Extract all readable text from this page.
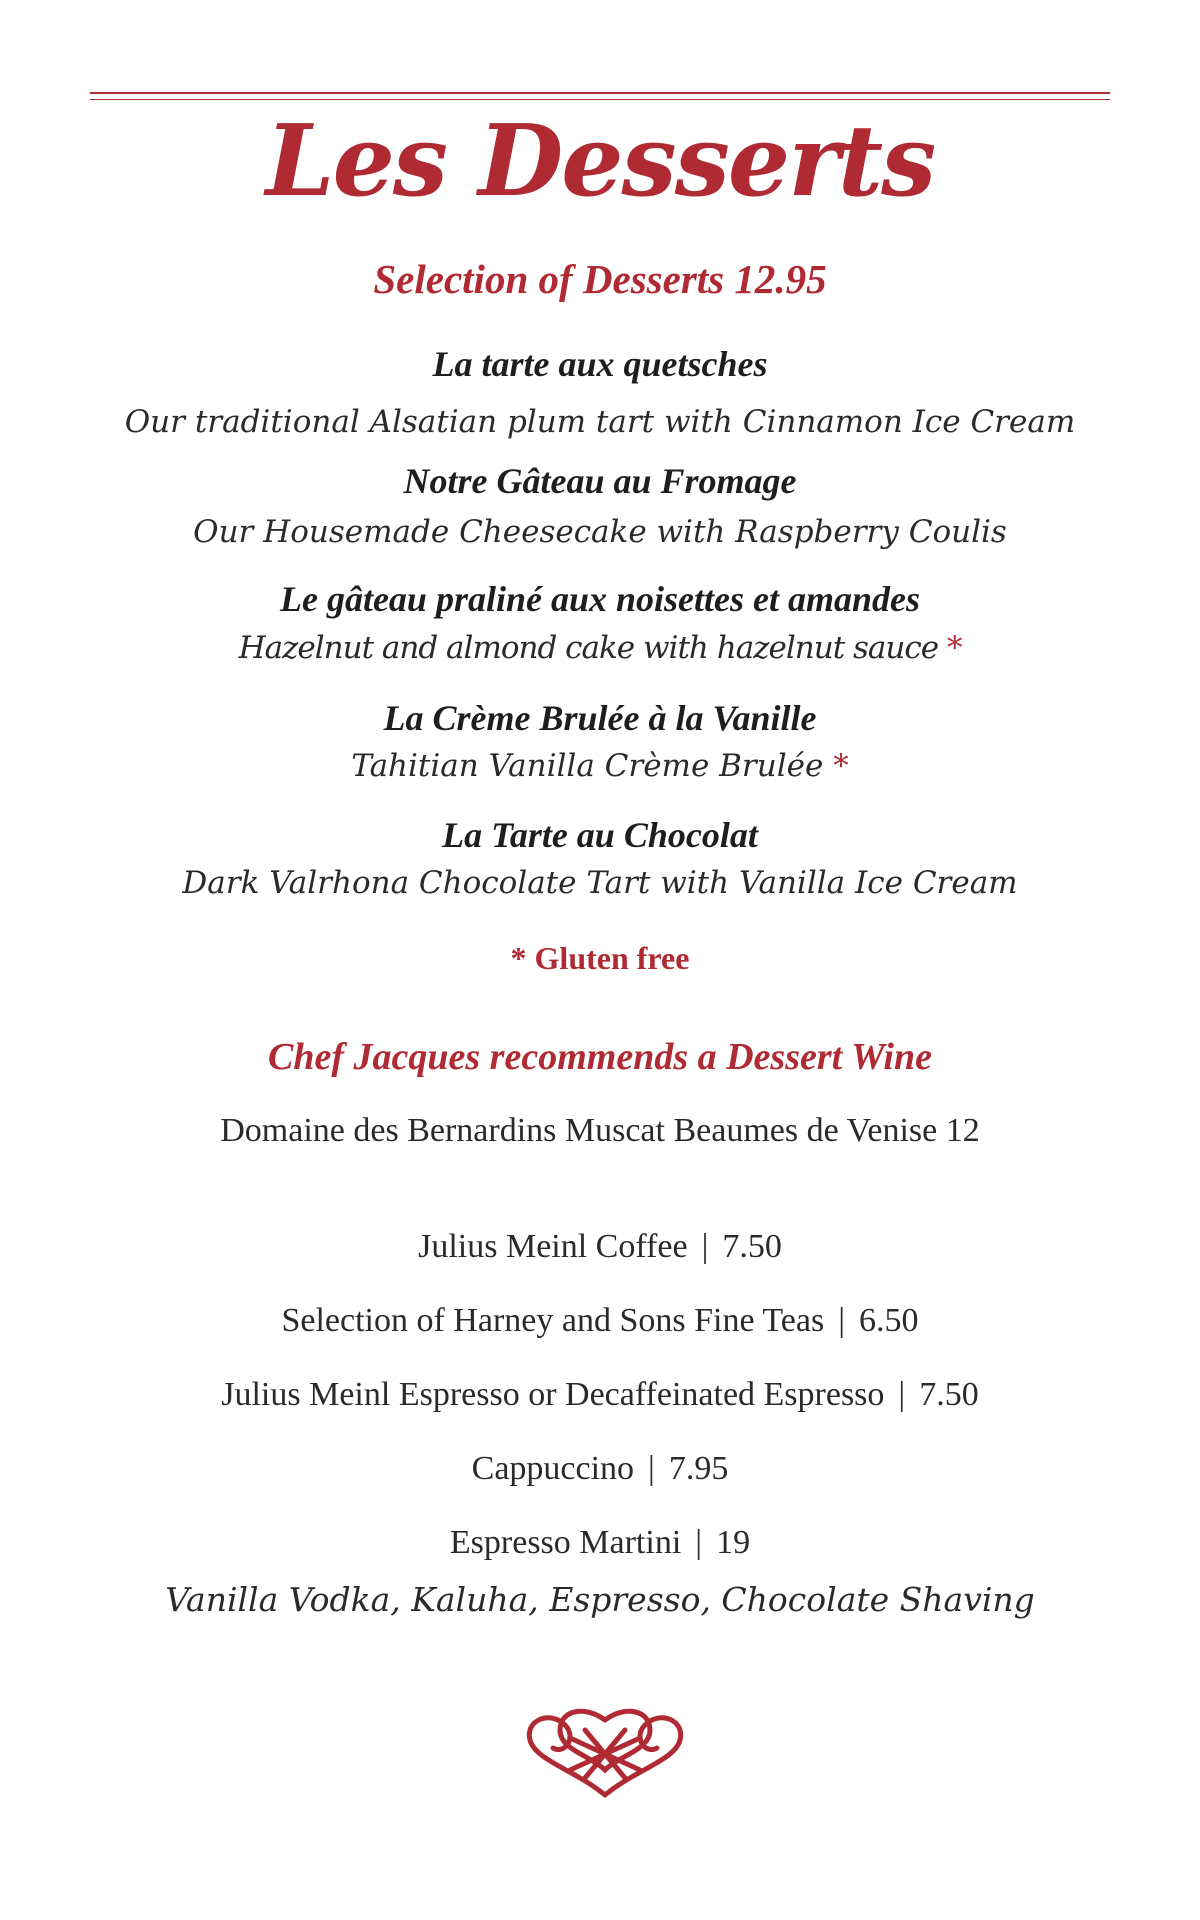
Les Desserts
Selection of Desserts 12.95
La tarte aux quetsches
Our traditional Alsatian plum tart with Cinnamon Ice Cream
Notre Gâteau au Fromage
Our Housemade Cheesecake with Raspberry Coulis
Le gâteau praliné aux noisettes et amandes
Hazelnut and almond cake with hazelnut sauce *
La Crème Brulée à la Vanille
Tahitian Vanilla Crème Brulée *
La Tarte au Chocolat
Dark Valrhona Chocolate Tart with Vanilla Ice Cream
* Gluten free
Chef Jacques recommends a Dessert Wine
Domaine des Bernardins Muscat Beaumes de Venise 12
Julius Meinl Coffee | 7.50
Selection of Harney and Sons Fine Teas | 6.50
Julius Meinl Espresso or Decaffeinated Espresso | 7.50
Cappuccino | 7.95
Espresso Martini | 19
Vanilla Vodka, Kaluha, Espresso, Chocolate Shaving
